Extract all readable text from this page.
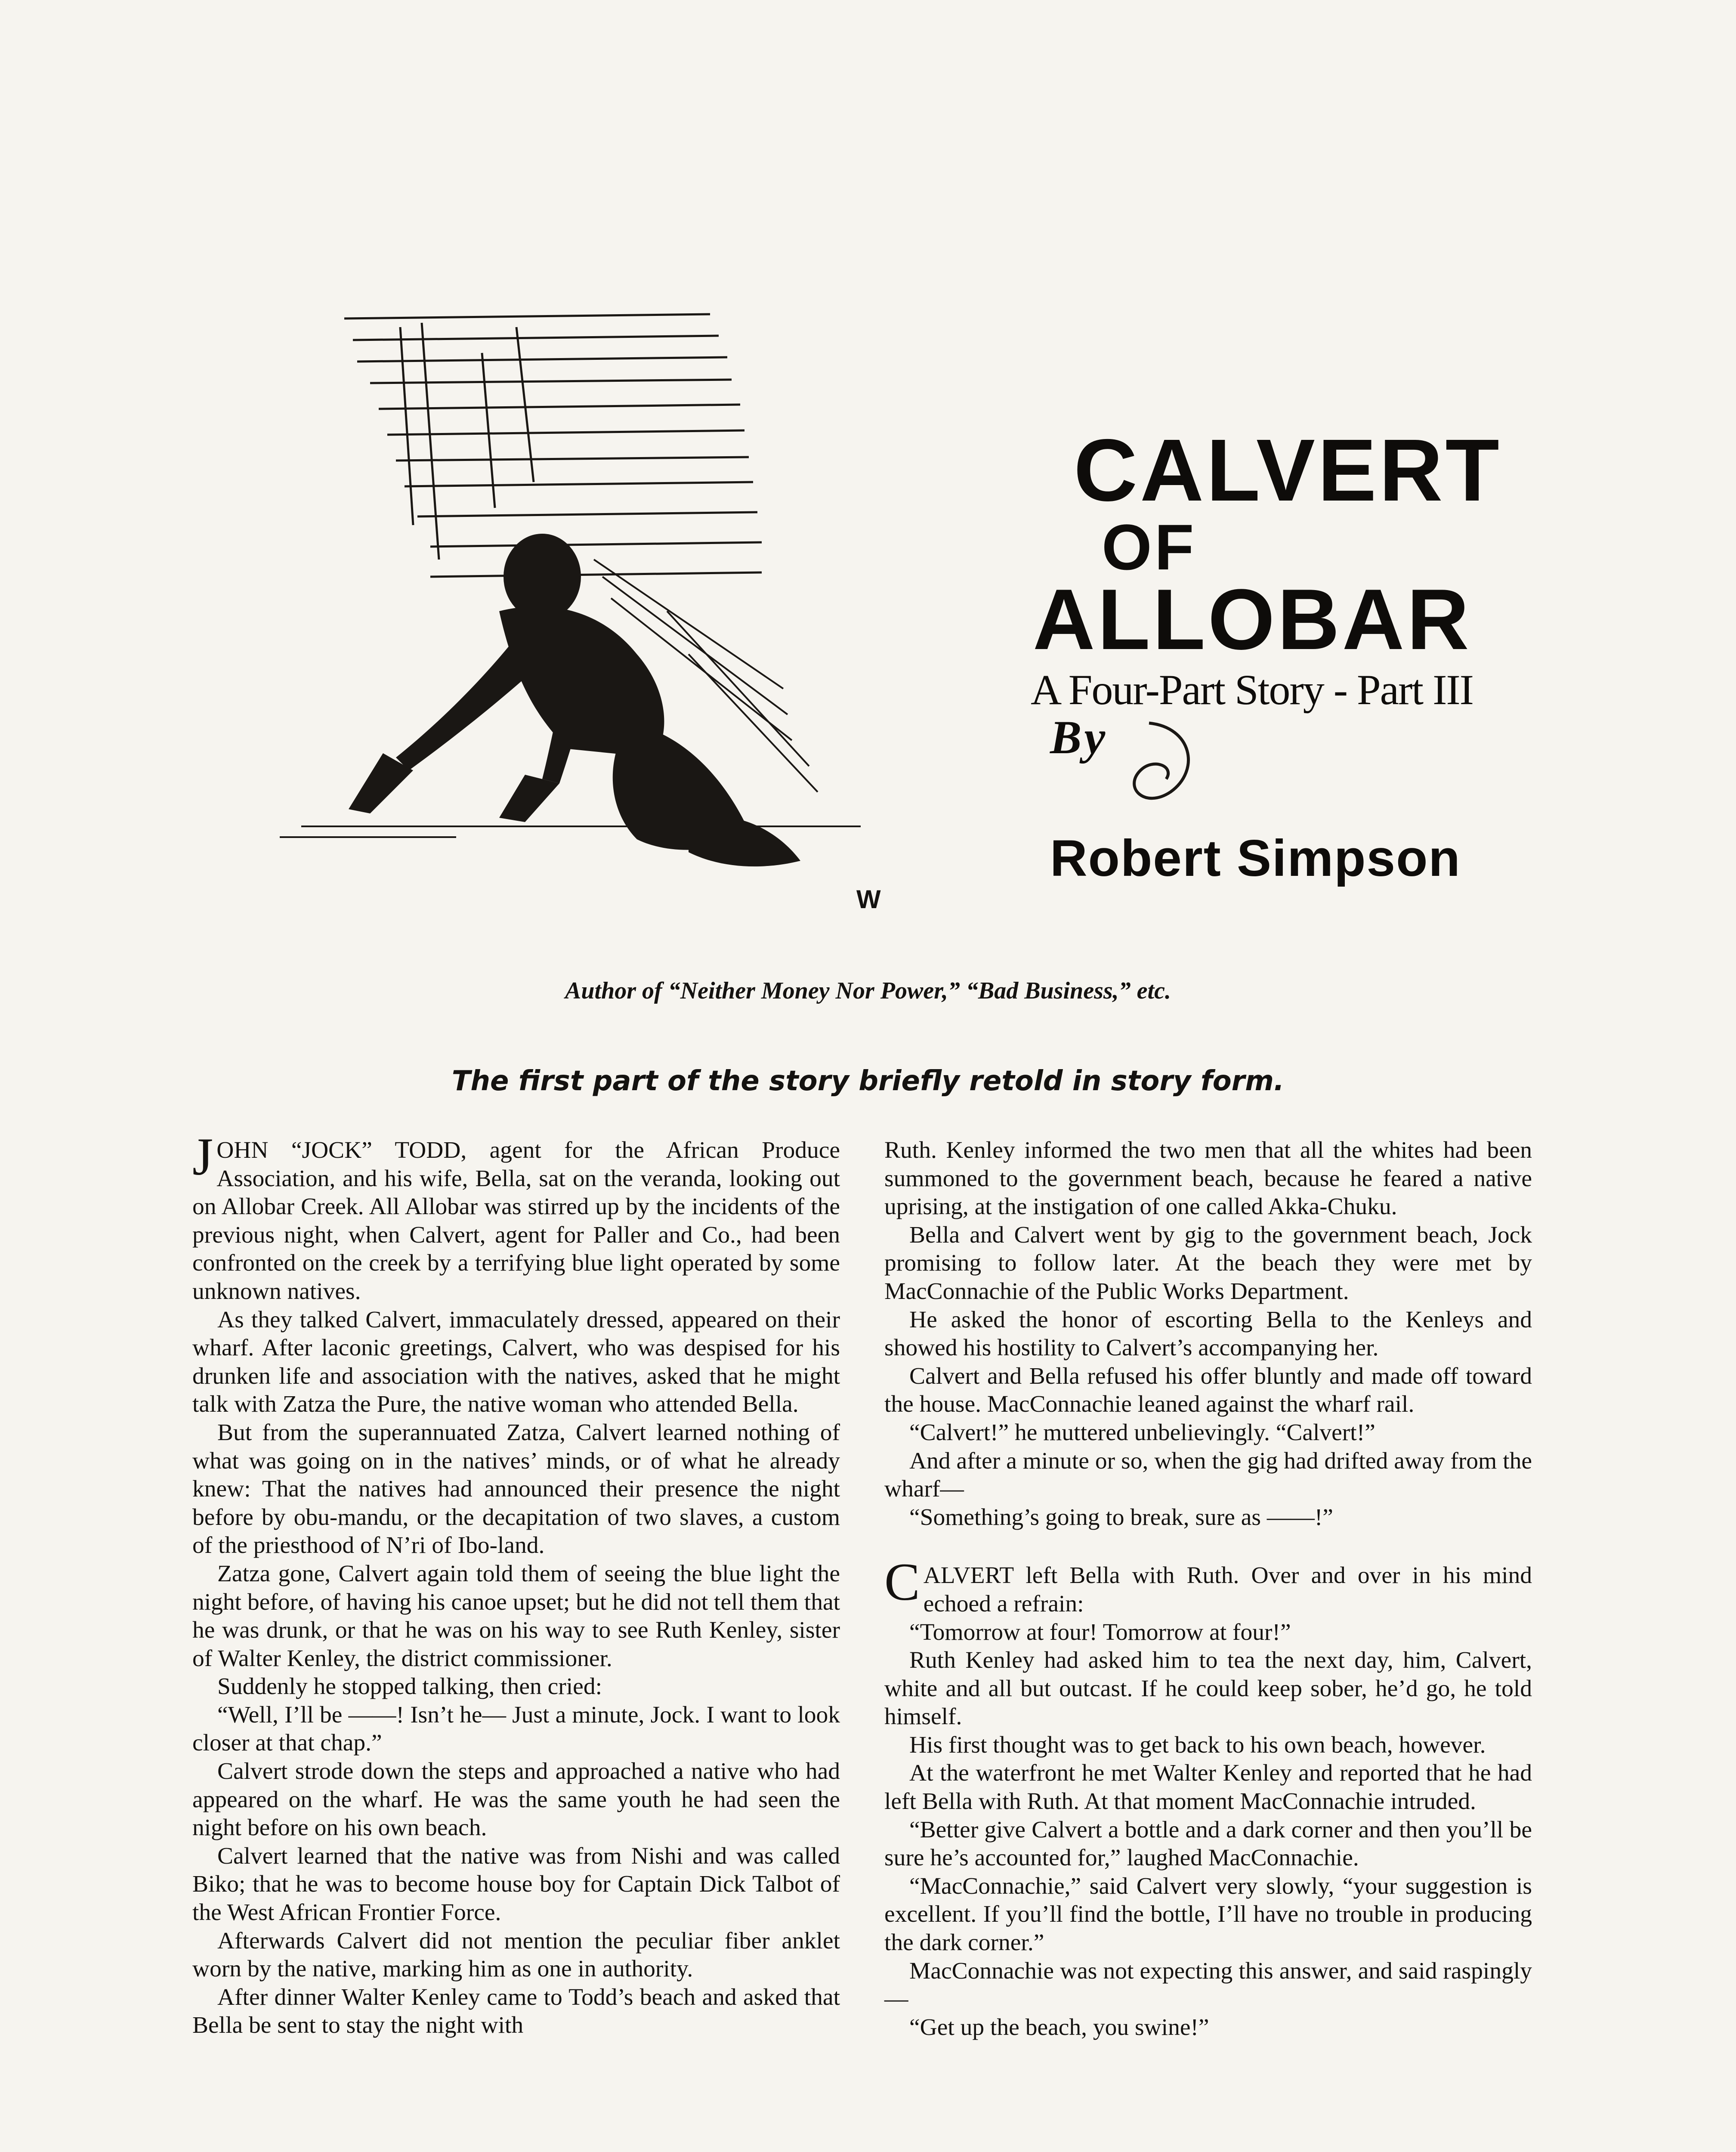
W
CALVERT
OF
ALLOBAR
A Four-Part Story - Part III
By
Robert Simpson
Author of “Neither Money Nor Power,” “Bad Business,” etc.
The first part of the story briefly retold in story form.

JOHN “JOCK” TODD, agent for the African Produce Association, and his wife, Bella, sat on the veranda, looking out on Allobar Creek. All Allobar was stirred up by the incidents of the previous night, when Calvert, agent for Paller and Co., had been confronted on the creek by a terrifying blue light operated by some unknown natives.

As they talked Calvert, immaculately dressed, appeared on their wharf. After laconic greetings, Calvert, who was despised for his drunken life and association with the natives, asked that he might talk with Zatza the Pure, the native woman who attended Bella.

But from the superannuated Zatza, Calvert learned nothing of what was going on in the natives’ minds, or of what he already knew: That the natives had announced their presence the night before by obu-mandu, or the decapitation of two slaves, a custom of the priesthood of N’ri of Ibo-land.

Zatza gone, Calvert again told them of seeing the blue light the night before, of having his canoe upset; but he did not tell them that he was drunk, or that he was on his way to see Ruth Kenley, sister of Walter Kenley, the district commissioner.

Suddenly he stopped talking, then cried:

“Well, I’ll be ——! Isn’t he— Just a minute, Jock. I want to look closer at that chap.”

Calvert strode down the steps and approached a native who had appeared on the wharf. He was the same youth he had seen the night before on his own beach.

Calvert learned that the native was from Nishi and was called Biko; that he was to become house boy for Captain Dick Talbot of the West African Frontier Force.

Afterwards Calvert did not mention the peculiar fiber anklet worn by the native, marking him as one in authority.

After dinner Walter Kenley came to Todd’s beach and asked that Bella be sent to stay the night with

Ruth. Kenley informed the two men that all the whites had been summoned to the government beach, because he feared a native uprising, at the instigation of one called Akka-Chuku.

Bella and Calvert went by gig to the government beach, Jock promising to follow later. At the beach they were met by MacConnachie of the Public Works Department.

He asked the honor of escorting Bella to the Kenleys and showed his hostility to Calvert’s accompanying her.

Calvert and Bella refused his offer bluntly and made off toward the house. MacConnachie leaned against the wharf rail.

“Calvert!” he muttered unbelievingly. “Calvert!”

And after a minute or so, when the gig had drifted away from the wharf—

“Something’s going to break, sure as ——!”

CALVERT left Bella with Ruth. Over and over in his mind echoed a refrain:

“Tomorrow at four! Tomorrow at four!”

Ruth Kenley had asked him to tea the next day, him, Calvert, white and all but outcast. If he could keep sober, he’d go, he told himself.

His first thought was to get back to his own beach, however.

At the waterfront he met Walter Kenley and reported that he had left Bella with Ruth. At that moment MacConnachie intruded.

“Better give Calvert a bottle and a dark corner and then you’ll be sure he’s accounted for,” laughed MacConnachie.

“MacConnachie,” said Calvert very slowly, “your suggestion is excellent. If you’ll find the bottle, I’ll have no trouble in producing the dark corner.”

MacConnachie was not expecting this answer, and said raspingly—

“Get up the beach, you swine!”
